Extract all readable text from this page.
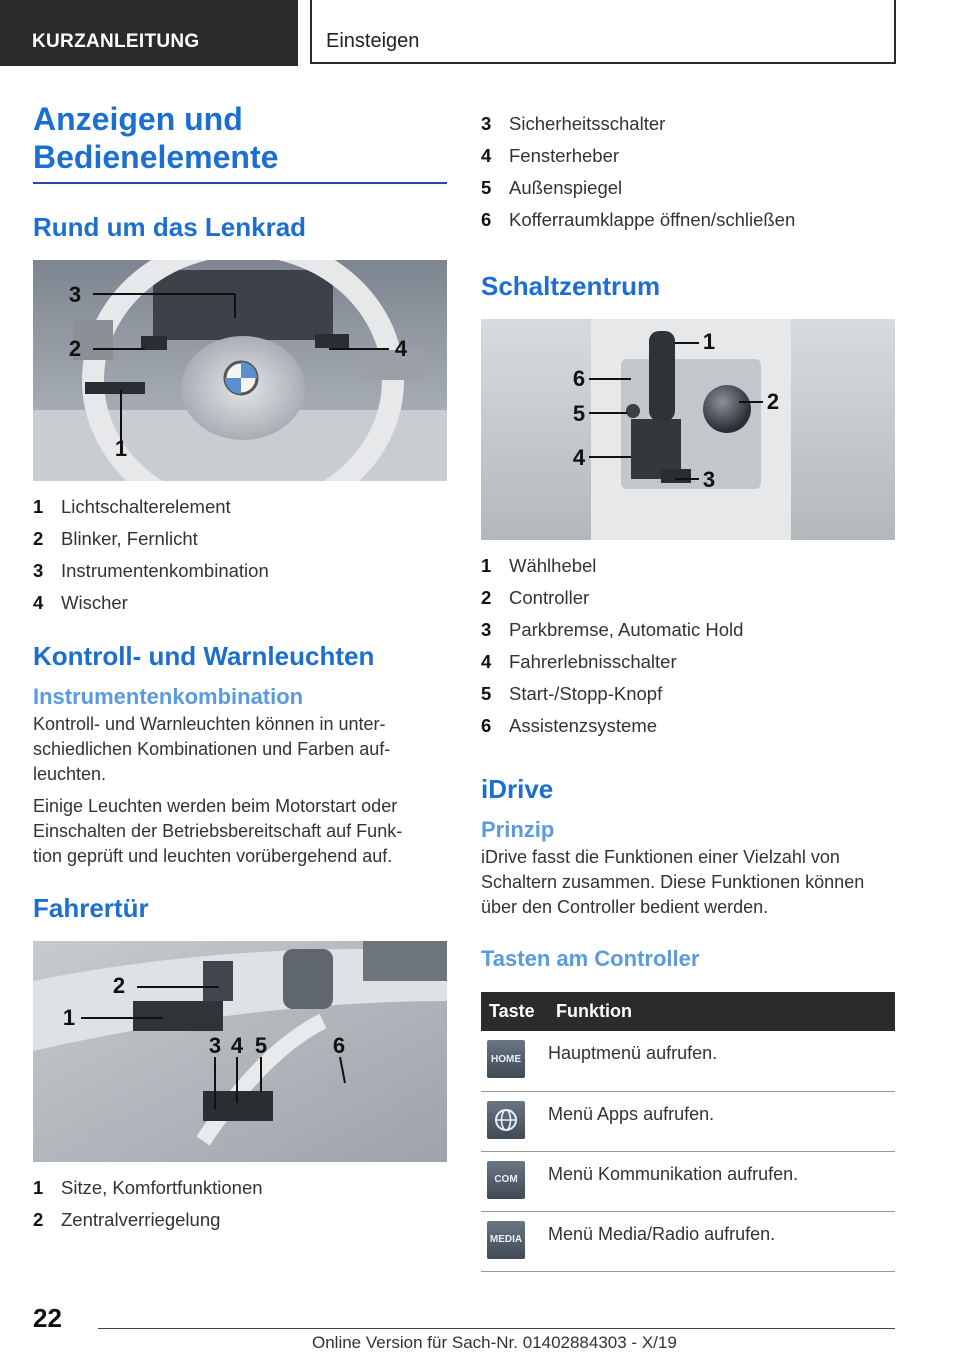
KURZANLEITUNG	Einsteigen
Anzeigen und
Bedienelemente
Rund um das Lenkrad
1
2
3
4
1 Lichtschalterelement
2 Blinker, Fernlicht
3 Instrumentenkombination
4 Wischer
Kontroll- und Warnleuchten
Instrumentenkombination
Kontroll- und Warnleuchten können in unter-
schiedlichen Kombinationen und Farben auf-
leuchten.
Einige Leuchten werden beim Motorstart oder
Einschalten der Betriebsbereitschaft auf Funk-
tion geprüft und leuchten vorübergehend auf.
Fahrertür
1
2
3 4 5	6
1 Sitze, Komfortfunktionen
2 Zentralverriegelung
3 Sicherheitsschalter
4 Fensterheber
5 Außenspiegel
6 Kofferraumklappe öffnen/schließen
Schaltzentrum
1
2
3
4
5
6
1 Wählhebel
2 Controller
3 Parkbremse, Automatic Hold
4 Fahrerlebnisschalter
5 Start-/Stopp-Knopf
6 Assistenzsysteme
iDrive
Prinzip
iDrive fasst die Funktionen einer Vielzahl von
Schaltern zusammen. Diese Funktionen können
über den Controller bedient werden.
Tasten am Controller
Taste	Funktion

HOME	Hauptmenü aufrufen.

	Menü Apps aufrufen.

COM	Menü Kommunikation aufrufen.

MEDIA	Menü Media/Radio aufrufen.
22
Online Version für Sach-Nr. 01402884303 - X/19
